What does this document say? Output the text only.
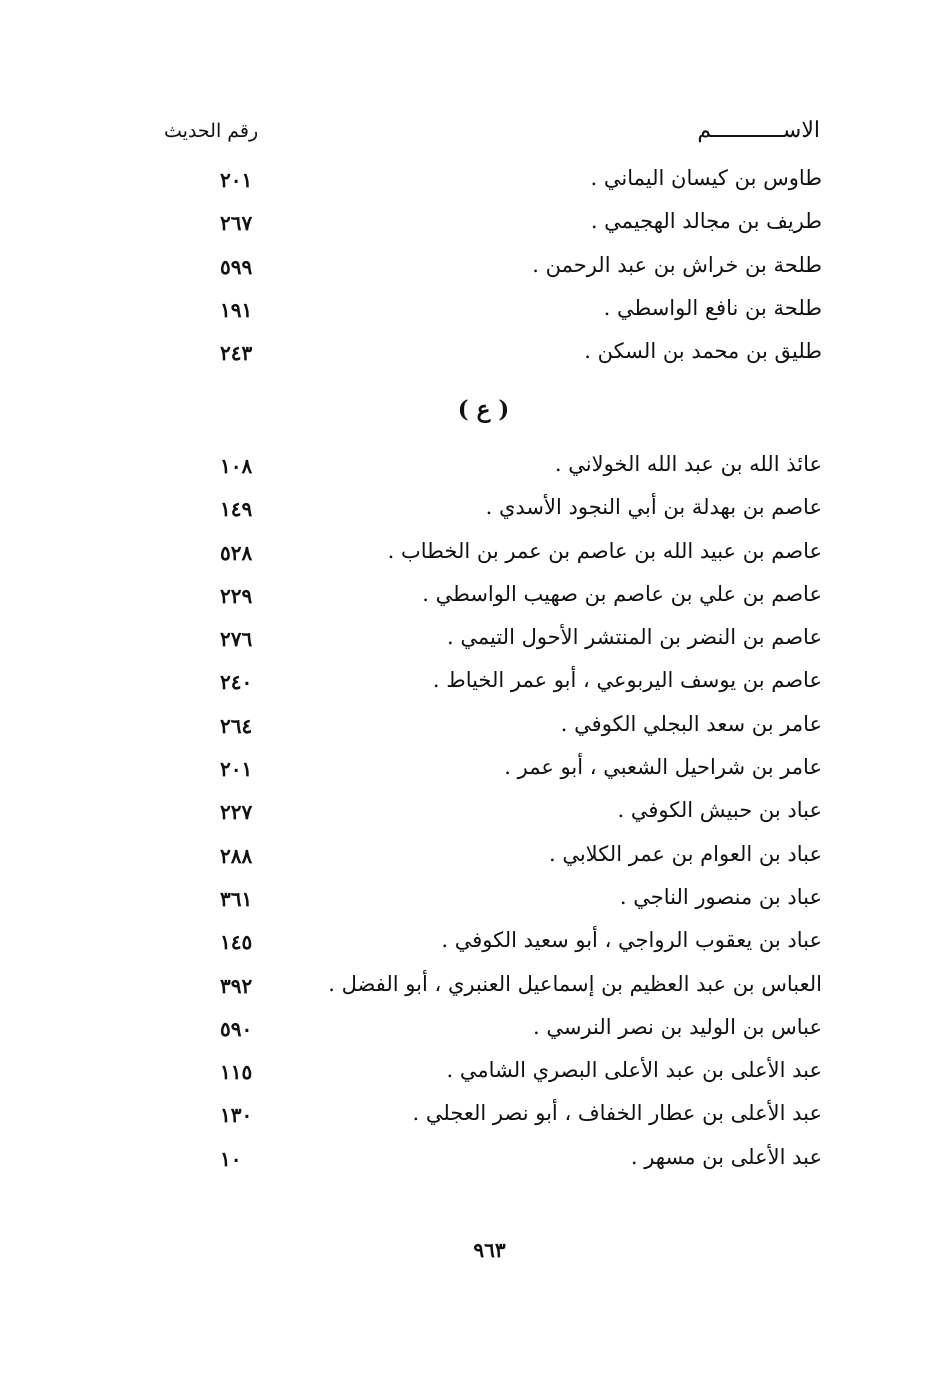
الاســـــــــــم
رقم الحديث
طاوس بن كيسان اليماني .
٢٠١
طريف بن مجالد الهجيمي .
٢٦٧
طلحة بن خراش بن عبد الرحمن .
٥٩٩
طلحة بن نافع الواسطي .
١٩١
طليق بن محمد بن السكن .
٢٤٣
( ع )
عائذ الله بن عبد الله الخولاني .
١٠٨
عاصم بن بهدلة بن أبي النجود الأسدي .
١٤٩
عاصم بن عبيد الله بن عاصم بن عمر بن الخطاب .
٥٢٨
عاصم بن علي بن عاصم بن صهيب الواسطي .
٢٢٩
عاصم بن النضر بن المنتشر الأحول التيمي .
٢٧٦
عاصم بن يوسف اليربوعي ، أبو عمر الخياط .
٢٤٠
عامر بن سعد البجلي الكوفي .
٢٦٤
عامر بن شراحيل الشعبي ، أبو عمر .
٢٠١
عباد بن حبيش الكوفي .
٢٢٧
عباد بن العوام بن عمر الكلابي .
٢٨٨
عباد بن منصور الناجي .
٣٦١
عباد بن يعقوب الرواجي ، أبو سعيد الكوفي .
١٤٥
العباس بن عبد العظيم بن إسماعيل العنبري ، أبو الفضل .
٣٩٢
عباس بن الوليد بن نصر النرسي .
٥٩٠
عبد الأعلى بن عبد الأعلى البصري الشامي .
١١٥
عبد الأعلى بن عطار الخفاف ، أبو نصر العجلي .
١٣٠
عبد الأعلى بن مسهر .
١٠
٩٦٣
